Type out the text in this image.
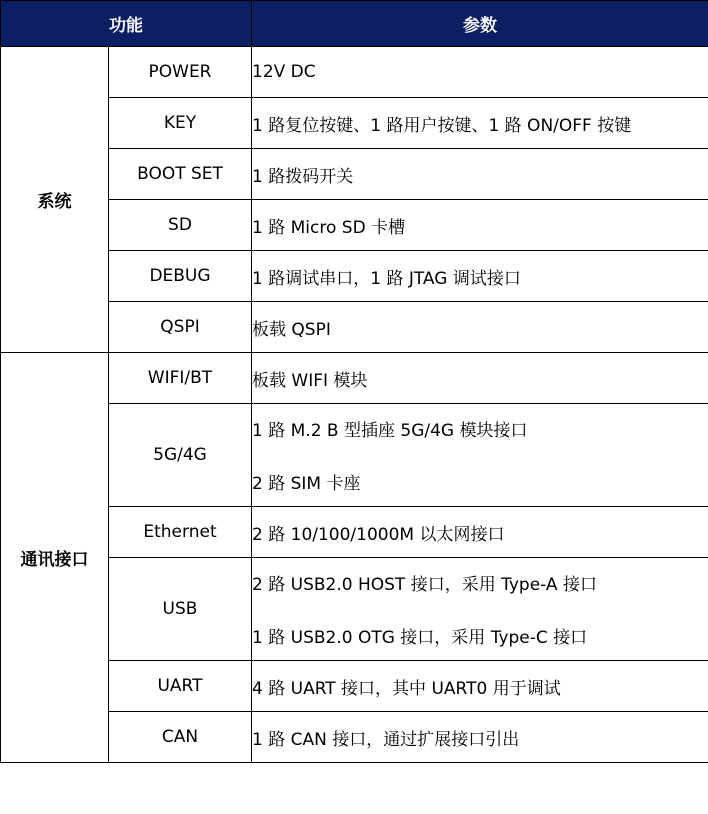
功能		参数
系统	POWER	12V DC

	KEY	1 路复位按键、1 路用户按键、1 路 ON/OFF 按键

	BOOT SET	1 路拨码开关

	SD	1 路 Micro SD 卡槽

	DEBUG	1 路调试串口，1 路 JTAG 调试接口

	QSPI	板载 QSPI

通讯接口	WIFI/BT	板载 WIFI 模块

	5G/4G	1 路 M.2 B 型插座 5G/4G 模块接口
2 路 SIM 卡座

	Ethernet	2 路 10/100/1000M 以太网接口

	USB	2 路 USB2.0 HOST 接口，采用 Type-A 接口
1 路 USB2.0 OTG 接口，采用 Type-C 接口

	UART	4 路 UART 接口，其中 UART0 用于调试

	CAN	1 路 CAN 接口，通过扩展接口引出
